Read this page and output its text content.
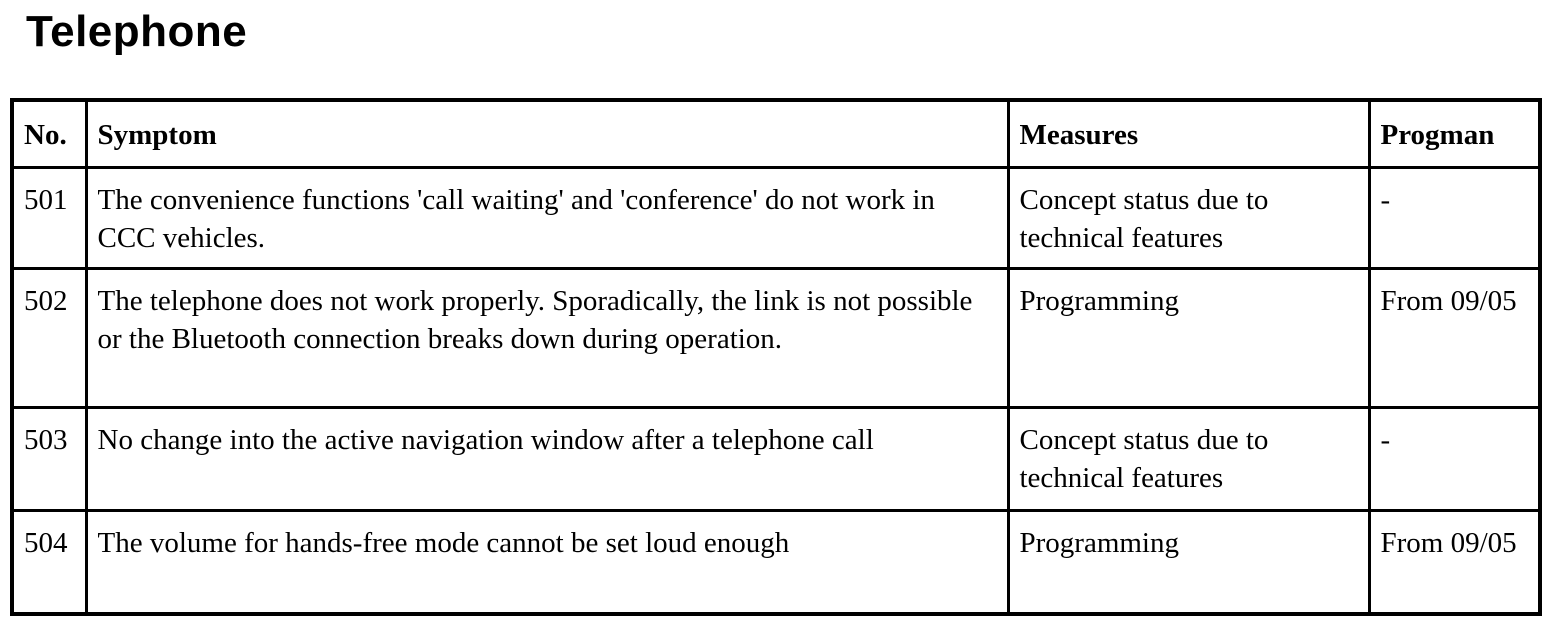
Telephone
No.	Symptom	Measures	Progman
501	The convenience functions 'call waiting' and 'conference' do not work in CCC vehicles.	Concept status due to technical features	-
502	The telephone does not work properly. Sporadically, the link is not possible or the Bluetooth connection breaks down during operation.	Programming	From 09/05
503	No change into the active navigation window after a telephone call	Concept status due to technical features	-
504	The volume for hands-free mode cannot be set loud enough	Programming	From 09/05
